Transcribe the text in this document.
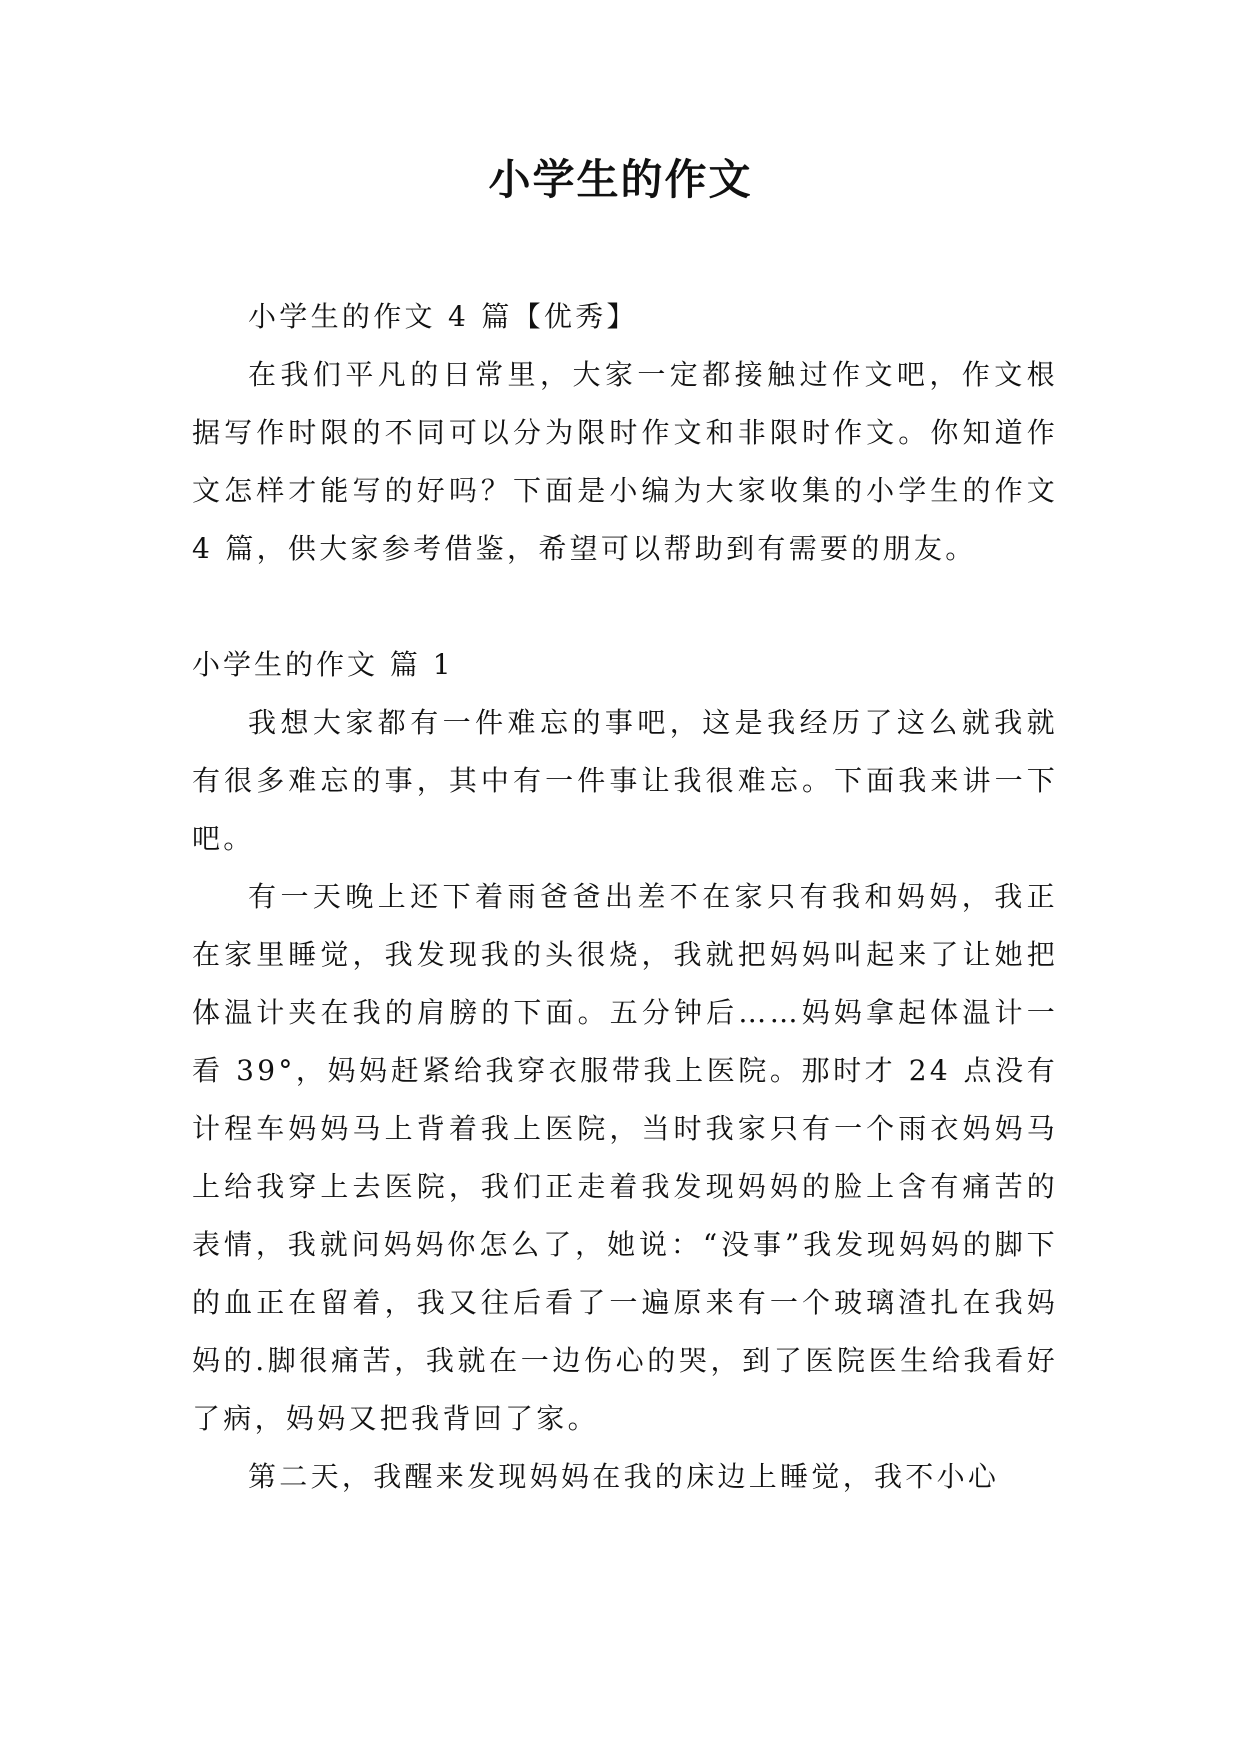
小学生的作文

小学生的作文 4 篇【优秀】

在我们平凡的日常里，大家一定都接触过作文吧，作文根据写作时限的不同可以分为限时作文和非限时作文。你知道作文怎样才能写的好吗？下面是小编为大家收集的小学生的作文 4 篇，供大家参考借鉴，希望可以帮助到有需要的朋友。

小学生的作文 篇 1

我想大家都有一件难忘的事吧，这是我经历了这么就我就有很多难忘的事，其中有一件事让我很难忘。下面我来讲一下吧。

有一天晚上还下着雨爸爸出差不在家只有我和妈妈，我正在家里睡觉，我发现我的头很烧，我就把妈妈叫起来了让她把体温计夹在我的肩膀的下面。五分钟后……妈妈拿起体温计一看 39°，妈妈赶紧给我穿衣服带我上医院。那时才 24 点没有计程车妈妈马上背着我上医院，当时我家只有一个雨衣妈妈马上给我穿上去医院，我们正走着我发现妈妈的脸上含有痛苦的表情，我就问妈妈你怎么了，她说：“没事”我发现妈妈的脚下的血正在留着，我又往后看了一遍原来有一个玻璃渣扎在我妈妈的.脚很痛苦，我就在一边伤心的哭，到了医院医生给我看好了病，妈妈又把我背回了家。

第二天，我醒来发现妈妈在我的床边上睡觉，我不小心
